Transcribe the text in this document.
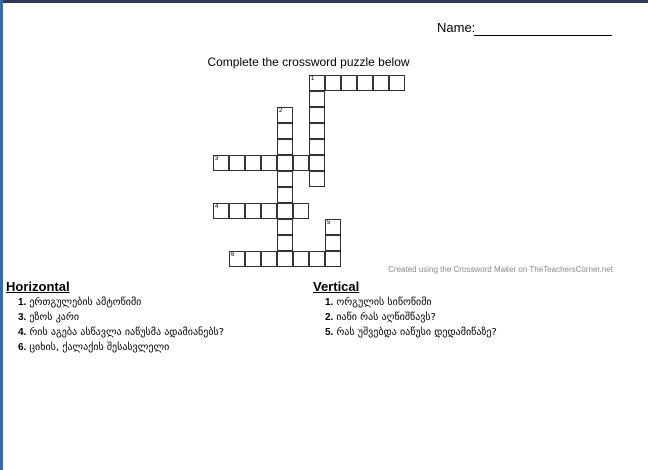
Name:
Complete the crossword puzzle below
1
2
3
4
5
6
Created using the Crossword Maker on TheTeachersCorner.net
Horizontal
1. ერთგულების ამტოწიმი
3. ეზოს კარი
4. რის აგება ასწავლა იაწუსმა ადამიანებს?
6. ციხის, ქალაქის შესასვლელი
Vertical
1. ორგულის სიწოწიმი
2. იაწი რას აღწიშწავს?
5. რას უშვებდა იაწუსი დედამიწაზე?
